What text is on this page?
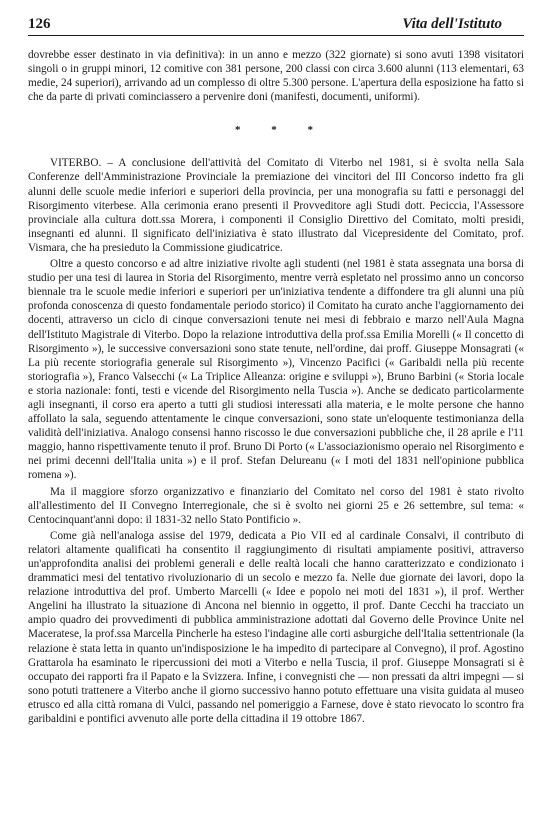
126	Vita dell'Istituto

dovrebbe esser destinato in via definitiva): in un anno e mezzo (322 giornate) si sono avuti 1398 visitatori singoli o in gruppi minori, 12 comitive con 381 persone, 200 classi con circa 3.600 alunni (113 elementari, 63 medie, 24 superiori), arrivando ad un complesso di oltre 5.300 persone. L'apertura della esposizione ha fatto si che da parte di privati cominciassero a pervenire doni (manifesti, documenti, uniformi).

* * *

VITERBO. – A conclusione dell'attività del Comitato di Viterbo nel 1981, si è svolta nella Sala Conferenze dell'Amministrazione Provinciale la premiazione dei vincitori del III Concorso indetto fra gli alunni delle scuole medie inferiori e superiori della provincia, per una monografia su fatti e personaggi del Risorgimento viterbese. Alla cerimonia erano presenti il Provveditore agli Studi dott. Peciccia, l'Assessore provinciale alla cultura dott.ssa Morera, i componenti il Consiglio Direttivo del Comitato, molti presidi, insegnanti ed alunni. Il significato dell'iniziativa è stato illustrato dal Vicepresidente del Comitato, prof. Vismara, che ha presieduto la Commissione giudicatrice.

Oltre a questo concorso e ad altre iniziative rivolte agli studenti (nel 1981 è stata assegnata una borsa di studio per una tesi di laurea in Storia del Risorgimento, mentre verrà espletato nel prossimo anno un concorso biennale tra le scuole medie inferiori e superiori per un'iniziativa tendente a diffondere tra gli alunni una più profonda conoscenza di questo fondamentale periodo storico) il Comitato ha curato anche l'aggiornamento dei docenti, attraverso un ciclo di cinque conversazioni tenute nei mesi di febbraio e marzo nell'Aula Magna dell'Istituto Magistrale di Viterbo. Dopo la relazione introduttiva della prof.ssa Emilia Morelli (« Il concetto di Risorgimento »), le successive conversazioni sono state tenute, nell'ordine, dai proff. Giuseppe Monsagrati (« La più recente storiografia generale sul Risorgimento »), Vincenzo Pacifici (« Garibaldi nella più recente storiografia »), Franco Valsecchi (« La Triplice Alleanza: origine e sviluppi »), Bruno Barbini (« Storia locale e storia nazionale: fonti, testi e vicende del Risorgimento nella Tuscia »). Anche se dedicato particolarmente agli insegnanti, il corso era aperto a tutti gli studiosi interessati alla materia, e le molte persone che hanno affollato la sala, seguendo attentamente le cinque conversazioni, sono state un'eloquente testimonianza della validità dell'iniziativa. Analogo consensi hanno riscosso le due conversazioni pubbliche che, il 28 aprile e l'11 maggio, hanno rispettivamente tenuto il prof. Bruno Di Porto (« L'associazionismo operaio nel Risorgimento e nei primi decenni dell'Italia unita ») e il prof. Stefan Delureanu (« I moti del 1831 nell'opinione pubblica romena »).

Ma il maggiore sforzo organizzativo e finanziario del Comitato nel corso del 1981 è stato rivolto all'allestimento del II Convegno Interregionale, che si è svolto nei giorni 25 e 26 settembre, sul tema: « Centocinquant'anni dopo: il 1831-32 nello Stato Pontificio ».

Come già nell'analoga assise del 1979, dedicata a Pio VII ed al cardinale Consalvi, il contributo di relatori altamente qualificati ha consentito il raggiungimento di risultati ampiamente positivi, attraverso un'approfondita analisi dei problemi generali e delle realtà locali che hanno caratterizzato e condizionato i drammatici mesi del tentativo rivoluzionario di un secolo e mezzo fa. Nelle due giornate dei lavori, dopo la relazione introduttiva del prof. Umberto Marcelli (« Idee e popolo nei moti del 1831 »), il prof. Werther Angelini ha illustrato la situazione di Ancona nel biennio in oggetto, il prof. Dante Cecchi ha tracciato un ampio quadro dei provvedimenti di pubblica amministrazione adottati dal Governo delle Province Unite nel Maceratese, la prof.ssa Marcella Pincherle ha esteso l'indagine alle corti asburgiche dell'Italia settentrionale (la relazione è stata letta in quanto un'indisposizione le ha impedito di partecipare al Convegno), il prof. Agostino Grattarola ha esaminato le ripercussioni dei moti a Viterbo e nella Tuscia, il prof. Giuseppe Monsagrati si è occupato dei rapporti fra il Papato e la Svizzera. Infine, i convegnisti che — non pressati da altri impegni — si sono potuti trattenere a Viterbo anche il giorno successivo hanno potuto effettuare una visita guidata al museo etrusco ed alla città romana di Vulci, passando nel pomeriggio a Farnese, dove è stato rievocato lo scontro fra garibaldini e pontifici avvenuto alle porte della cittadina il 19 ottobre 1867.
